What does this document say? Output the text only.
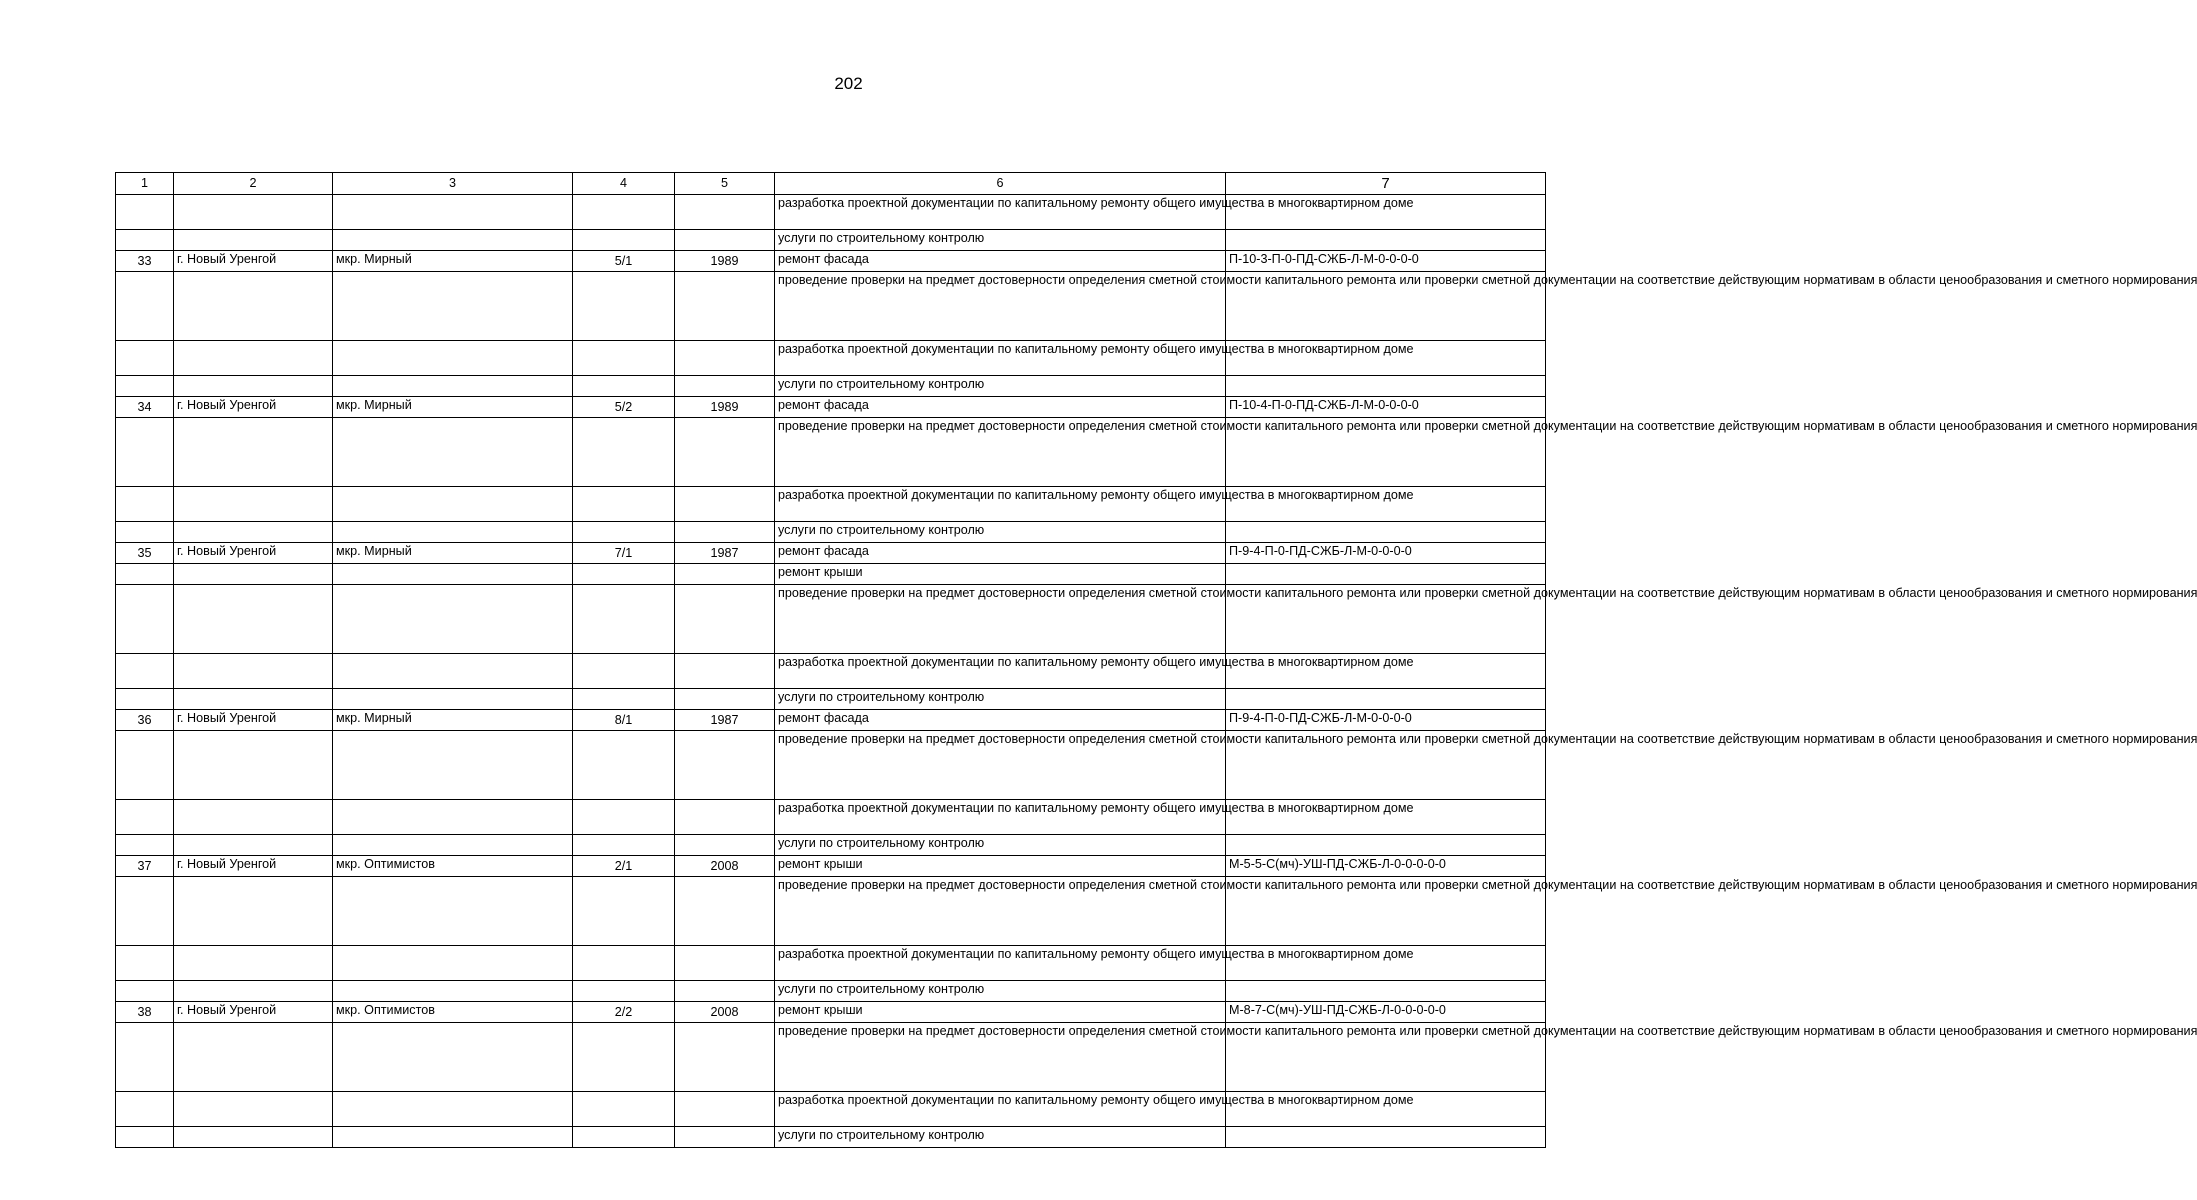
202
1	2	3	4	5	6	7
					разработка проектной документации по капитальному ремонту общего имущества в многоквартирном доме	
					услуги по строительному контролю	
33	г. Новый Уренгой	мкр. Мирный	5/1	1989	ремонт фасада	П-10-3-П-0-ПД-СЖБ-Л-М-0-0-0-0
					проведение проверки на предмет достоверности определения сметной стоимости капитального ремонта или проверки сметной документации на соответствие действующим нормативам в области ценообразования и сметного нормирования	
					разработка проектной документации по капитальному ремонту общего имущества в многоквартирном доме	
					услуги по строительному контролю	
34	г. Новый Уренгой	мкр. Мирный	5/2	1989	ремонт фасада	П-10-4-П-0-ПД-СЖБ-Л-М-0-0-0-0
					проведение проверки на предмет достоверности определения сметной стоимости капитального ремонта или проверки сметной документации на соответствие действующим нормативам в области ценообразования и сметного нормирования	
					разработка проектной документации по капитальному ремонту общего имущества в многоквартирном доме	
					услуги по строительному контролю	
35	г. Новый Уренгой	мкр. Мирный	7/1	1987	ремонт фасада	П-9-4-П-0-ПД-СЖБ-Л-М-0-0-0-0
					ремонт крыши	
					проведение проверки на предмет достоверности определения сметной стоимости капитального ремонта или проверки сметной документации на соответствие действующим нормативам в области ценообразования и сметного нормирования	
					разработка проектной документации по капитальному ремонту общего имущества в многоквартирном доме	
					услуги по строительному контролю	
36	г. Новый Уренгой	мкр. Мирный	8/1	1987	ремонт фасада	П-9-4-П-0-ПД-СЖБ-Л-М-0-0-0-0
					проведение проверки на предмет достоверности определения сметной стоимости капитального ремонта или проверки сметной документации на соответствие действующим нормативам в области ценообразования и сметного нормирования	
					разработка проектной документации по капитальному ремонту общего имущества в многоквартирном доме	
					услуги по строительному контролю	
37	г. Новый Уренгой	мкр. Оптимистов	2/1	2008	ремонт крыши	М-5-5-С(мч)-УШ-ПД-СЖБ-Л-0-0-0-0-0
					проведение проверки на предмет достоверности определения сметной стоимости капитального ремонта или проверки сметной документации на соответствие действующим нормативам в области ценообразования и сметного нормирования	
					разработка проектной документации по капитальному ремонту общего имущества в многоквартирном доме	
					услуги по строительному контролю	
38	г. Новый Уренгой	мкр. Оптимистов	2/2	2008	ремонт крыши	М-8-7-С(мч)-УШ-ПД-СЖБ-Л-0-0-0-0-0
					проведение проверки на предмет достоверности определения сметной стоимости капитального ремонта или проверки сметной документации на соответствие действующим нормативам в области ценообразования и сметного нормирования	
					разработка проектной документации по капитальному ремонту общего имущества в многоквартирном доме	
					услуги по строительному контролю	
